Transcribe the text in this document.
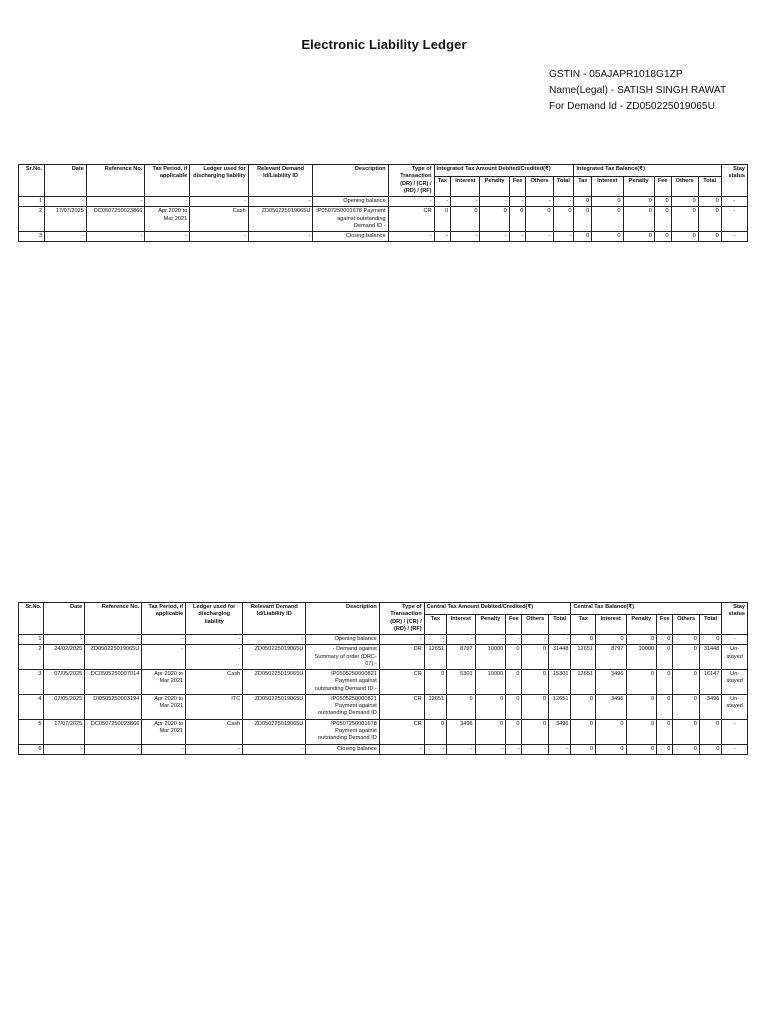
Electronic Liability Ledger
GSTIN - 05AJAPR1018G1ZP
Name(Legal) - SATISH SINGH RAWAT
For Demand Id - ZD050225019065U
Sr.No.	Date	Reference No.	Tax Period, if applicable	Ledger used for discharging liability	Relevant Demand Id/Liability ID	Description	Type of Transaction (DR) / (CR) / (RD) / (RF)	Integrated Tax Amount Debited/Credited(₹)						Integrated Tax Balance(₹)						Stay status
								Tax	Interest	Penalty	Fee	Others	Total	Tax	Interest	Penalty	Fee	Others	Total	
1	-	-	-	-	-	Opening balance	-	-	-	-	-	-	-	0	0	0	0	0	0	-
2	17/07/2025	DC0507250023866	Apr 2020 to Mar 2021	Cash	ZD050225019065U	IP0507250001678 Payment against outstanding Demand ID -	CR	0	0	0	0	0	0	0	0	0	0	0	0	-
3	-	-	-	-	-	Closing balance	-	-	-	-	-	-	-	0	0	0	0	0	0	-
Sr.No.	Date	Reference No.	Tax Period, if applicable	Ledger used for discharging liability	Relevant Demand Id/Liability ID	Description	Type of Transaction (DR) / (CR) / (RD) / (RF)	Central Tax Amount Debited/Credited(₹)						Central Tax Balance(₹)						Stay status
								Tax	Interest	Penalty	Fee	Others	Total	Tax	Interest	Penalty	Fee	Others	Total	
1	-	-	-	-	-	Opening balance	-	-	-	-	-	-	-	0	0	0	0	0	0	-
2	24/02/2025	ZD050225019065U	-	-	ZD050225019065U	- Demand against Summary of order (DRC-07) -	DR	12651	8797	10000	0	0	31448	12651	8797	10000	0	0	31448	Un-stayed
3	07/05/2025	DC0505250007014	Apr 2020 to Mar 2021	Cash	ZD050225019065U	IP0505250000821 Payment against outstanding Demand ID -	CR	0	5301	10000	0	0	15301	12651	3496	0	0	0	16147	Un-stayed
4	07/05/2025	DI0505250003194	Apr 2020 to Mar 2021	ITC	ZD050225019065U	IP0505250000821 Payment against outstanding Demand ID	CR	12651	0	0	0	0	12651	0	3496	0	0	0	3496	Un-stayed
5	17/07/2025	DC0507250023866	Apr 2020 to Mar 2021	Cash	ZD050225019065U	IP0507250001678 Payment against outstanding Demand ID	CR	0	3496	0	0	0	3496	0	0	0	0	0	0	-
6	-	-	-	-	-	Closing balance	-	-	-	-	-	-	-	0	0	0	0	0	0	-
